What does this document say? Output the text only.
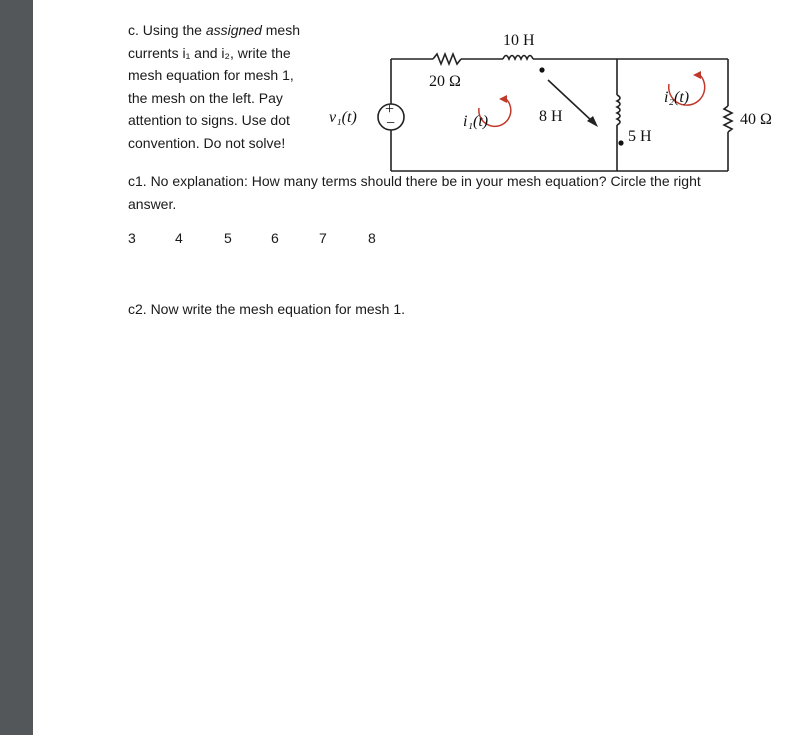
c. Using the assigned mesh
currents i₁ and i₂, write the
mesh equation for mesh 1,
the mesh on the left. Pay
attention to signs. Use dot
convention. Do not solve!
+
−
10 H
20 Ω
8 H
5 H
40 Ω
v₁(t)	i₁(t)
i₂(t)
c1. No explanation: How many terms should there be in your mesh equation? Circle the right answer.
3	4	5	6	7	8
c2. Now write the mesh equation for mesh 1.
